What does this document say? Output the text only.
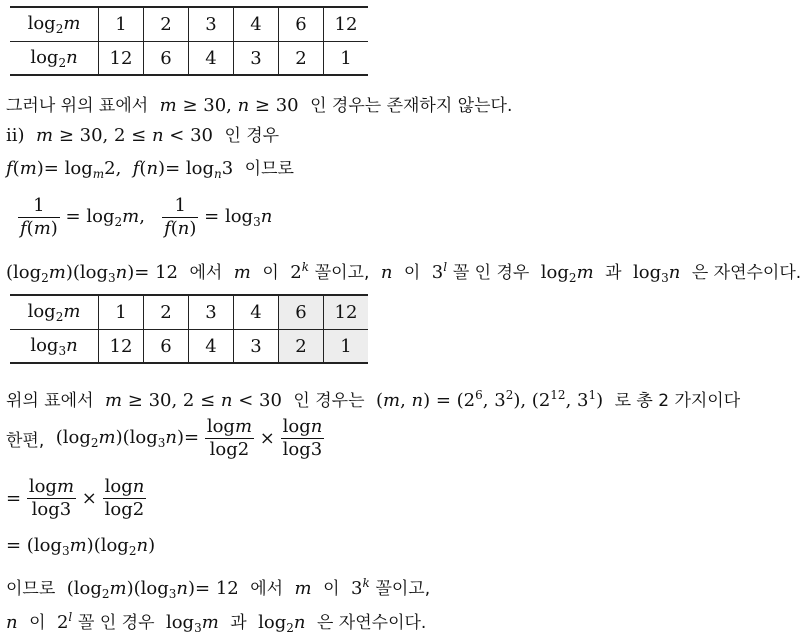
$\log_2m$	1	2	3	4	6	12
$\log_2n$	12	6	4	3	2	1
그러나 위의 표에서 m ≥ 30, n ≥ 30  인 경우는 존재하지 않는다.
ii) m ≥ 30, 2 ≤ n < 30  인 경우
$f(m)= \log_m2$,  $f(n)= \log_n3$  이므로
$\frac{1}{f(m)} = \log_2m$, $\frac{1}{f(n)} = \log_3n$
$(\log_2m)(\log_3n)= 12$  에서 m 이  2$^k$ 꼴이고, n 이  3$^l$ 꼴 인 경우  $\log_2m$ 과  $\log_3n$ 은 자연수이다.
$\log_2m$	1	2	3	4	6	12
$\log_3n$	12	6	4	3	2	1
위의 표에서 m ≥ 30, 2 ≤ n < 30  인 경우는  (m, $n) = (2^6$, $3^2$), ($2^{12}$, $3^1$)  로 총 2 가지이다
한편,  $(\log_2m)(\log_3n)= \frac{\log m}{\log 2} \times \frac{\log n}{\log 3}$
= $\frac{\log m}{\log 3} \times \frac{\log n}{\log 2}$
= $(\log_3m)(\log_2n)$
이므로  $(\log_2m)(\log_3n)= 12$  에서 m 이  3$^k$ 꼴이고,
n 이  2$^l$ 꼴 인 경우  $\log_3m$ 과  $\log_2n$ 은 자연수이다.
